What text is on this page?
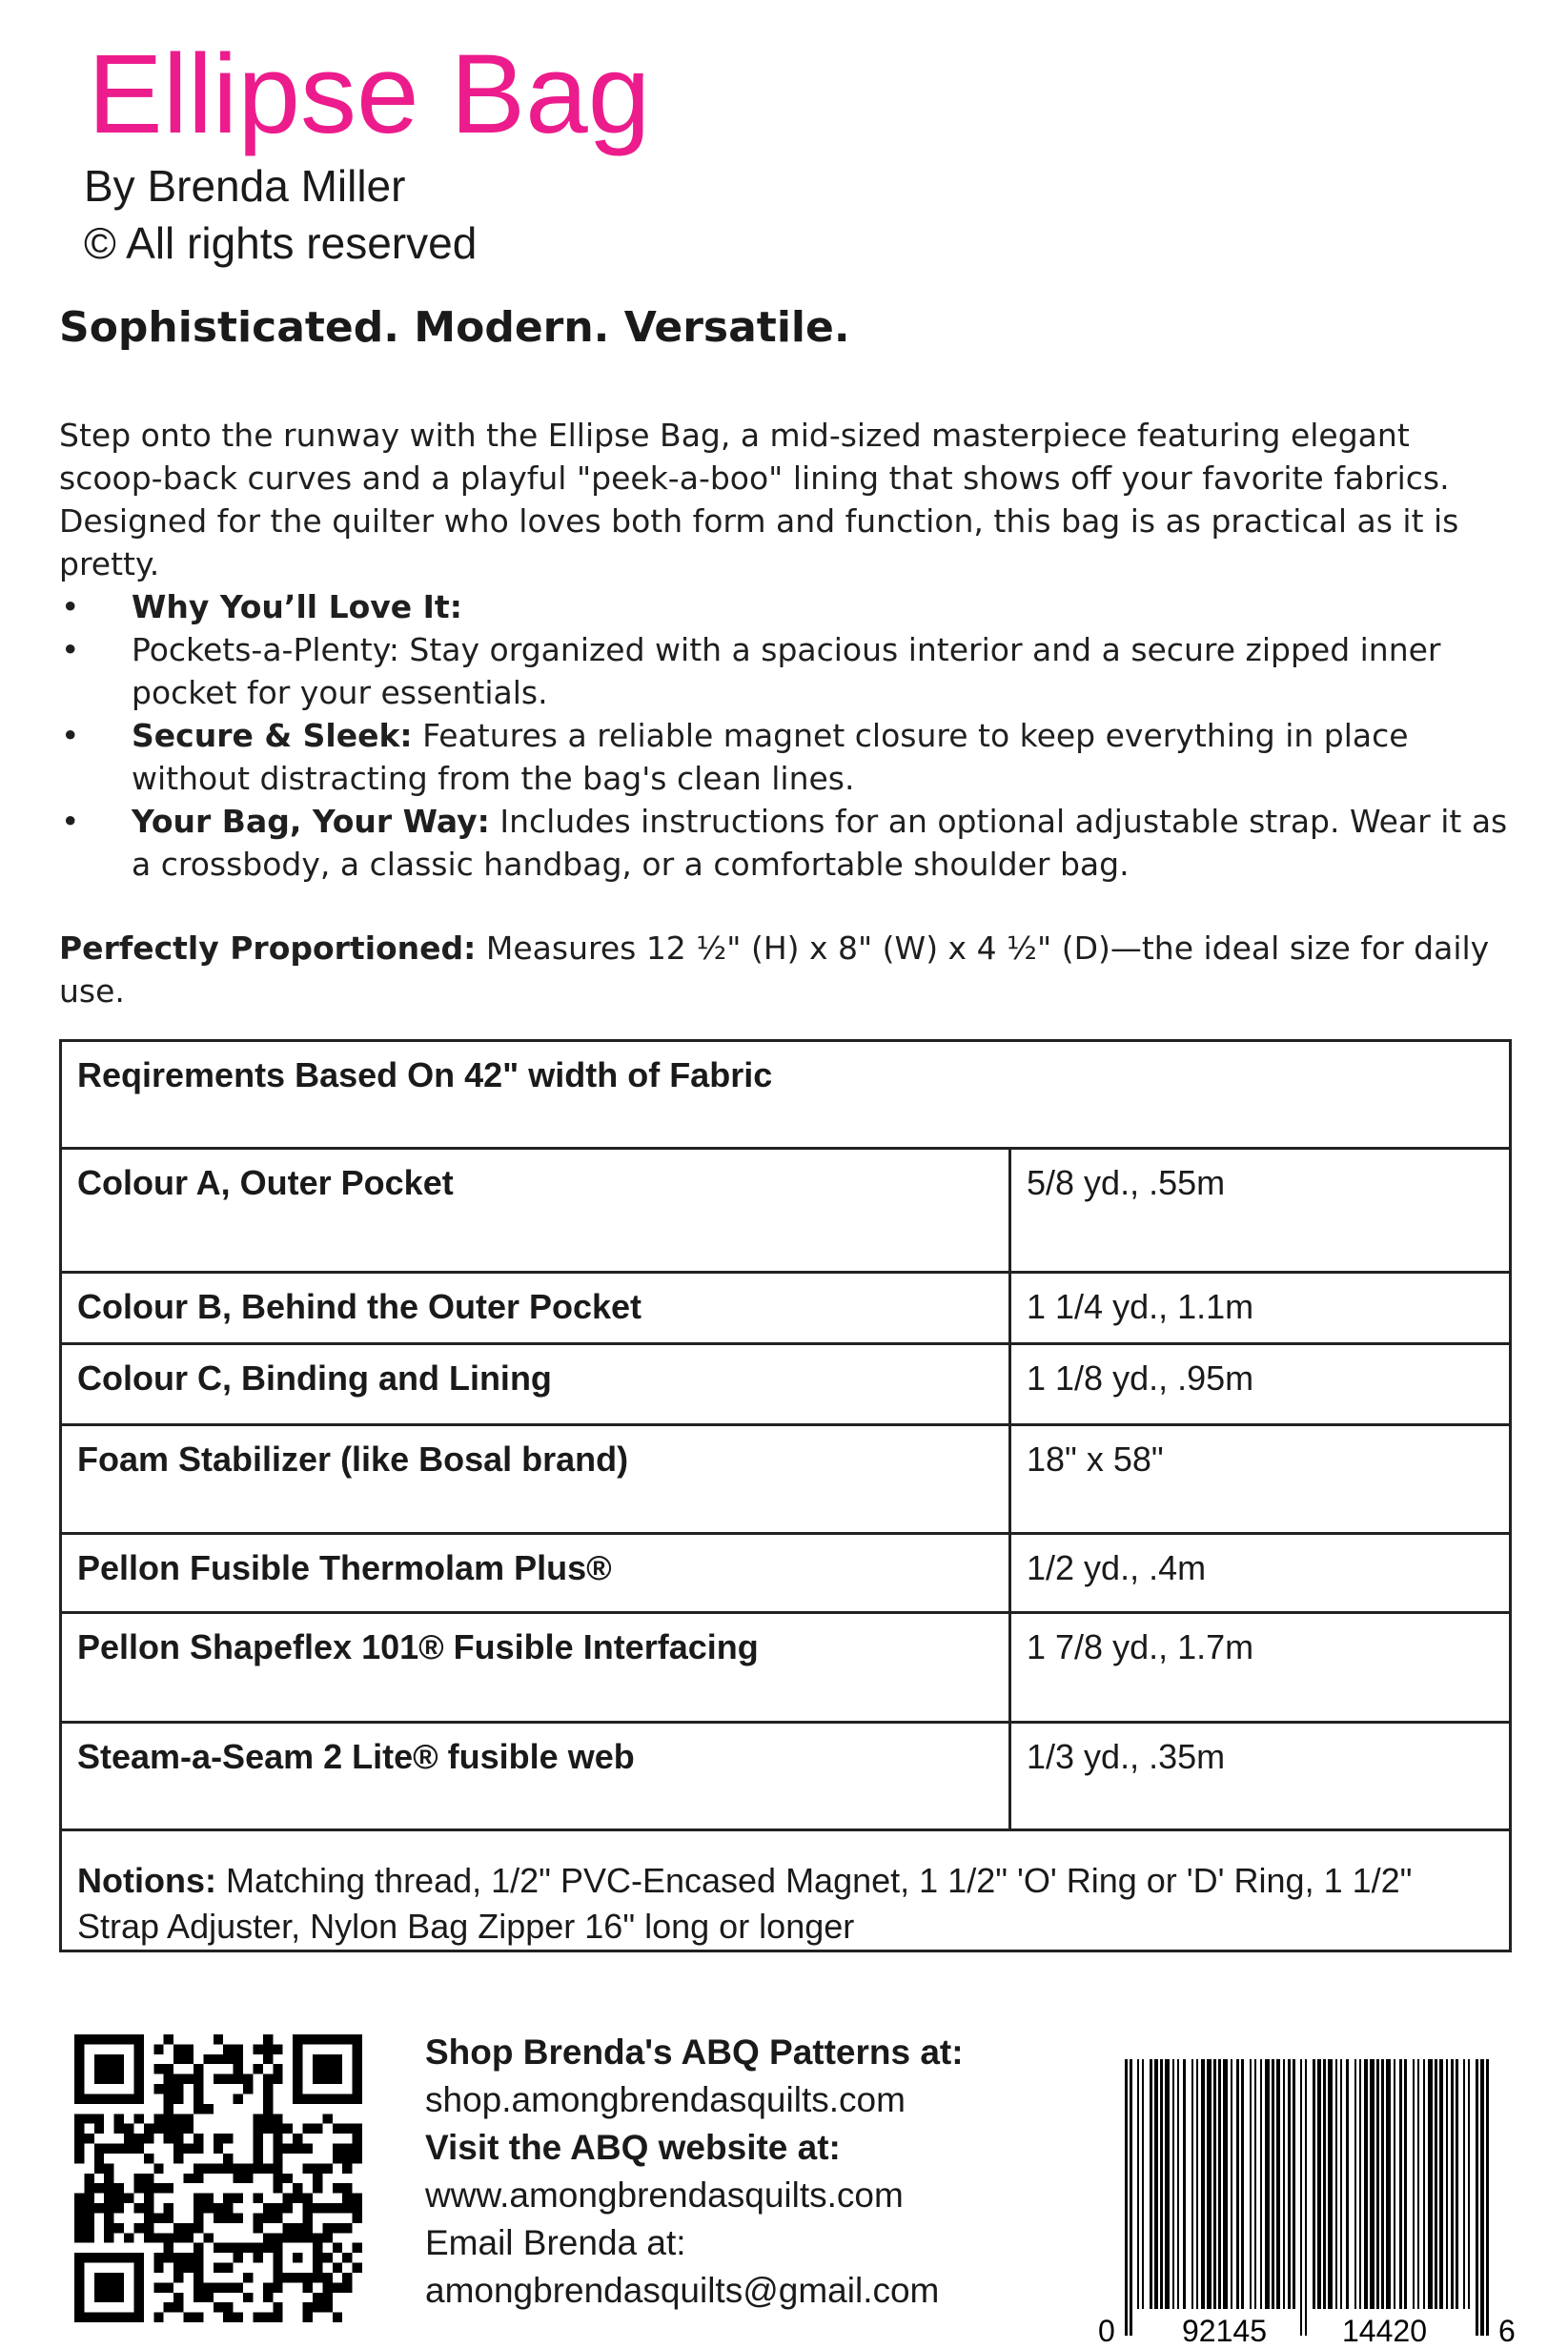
Ellipse Bag
By Brenda Miller
© All rights reserved
Sophisticated. Modern. Versatile.
Step onto the runway with the Ellipse Bag, a mid-sized masterpiece featuring elegant scoop-back curves and a playful "peek-a-boo" lining that shows off your favorite fabrics. Designed for the quilter who loves both form and function, this bag is as practical as it is pretty.
• Why You’ll Love It:
• Pockets-a-Plenty: Stay organized with a spacious interior and a secure zipped inner pocket for your essentials.
• Secure & Sleek: Features a reliable magnet closure to keep everything in place without distracting from the bag's clean lines.
• Your Bag, Your Way: Includes instructions for an optional adjustable strap. Wear it as a crossbody, a classic handbag, or a comfortable shoulder bag.
Perfectly Proportioned: Measures 12 ½" (H) x 8" (W) x 4 ½" (D)—the ideal size for daily use.
Reqirements Based On 42" width of Fabric	
Colour A, Outer Pocket	5/8 yd., .55m
Colour B, Behind the Outer Pocket	1 1/4 yd., 1.1m
Colour C, Binding and Lining	1 1/8 yd., .95m
Foam Stabilizer (like Bosal brand)	18" x 58"
Pellon Fusible Thermolam Plus®	1/2 yd., .4m
Pellon Shapeflex 101® Fusible Interfacing	1 7/8 yd., 1.7m
Steam-a-Seam 2 Lite® fusible web	1/3 yd., .35m
Notions: Matching thread, 1/2" PVC-Encased Magnet, 1 1/2" 'O' Ring or 'D' Ring, 1 1/2" Strap Adjuster, Nylon Bag Zipper 16" long or longer	
Shop Brenda's ABQ Patterns at:
shop.amongbrendasquilts.com
Visit the ABQ website at:
www.amongbrendasquilts.com
Email Brenda at:
amongbrendasquilts@gmail.com
0 92145 14420 6
